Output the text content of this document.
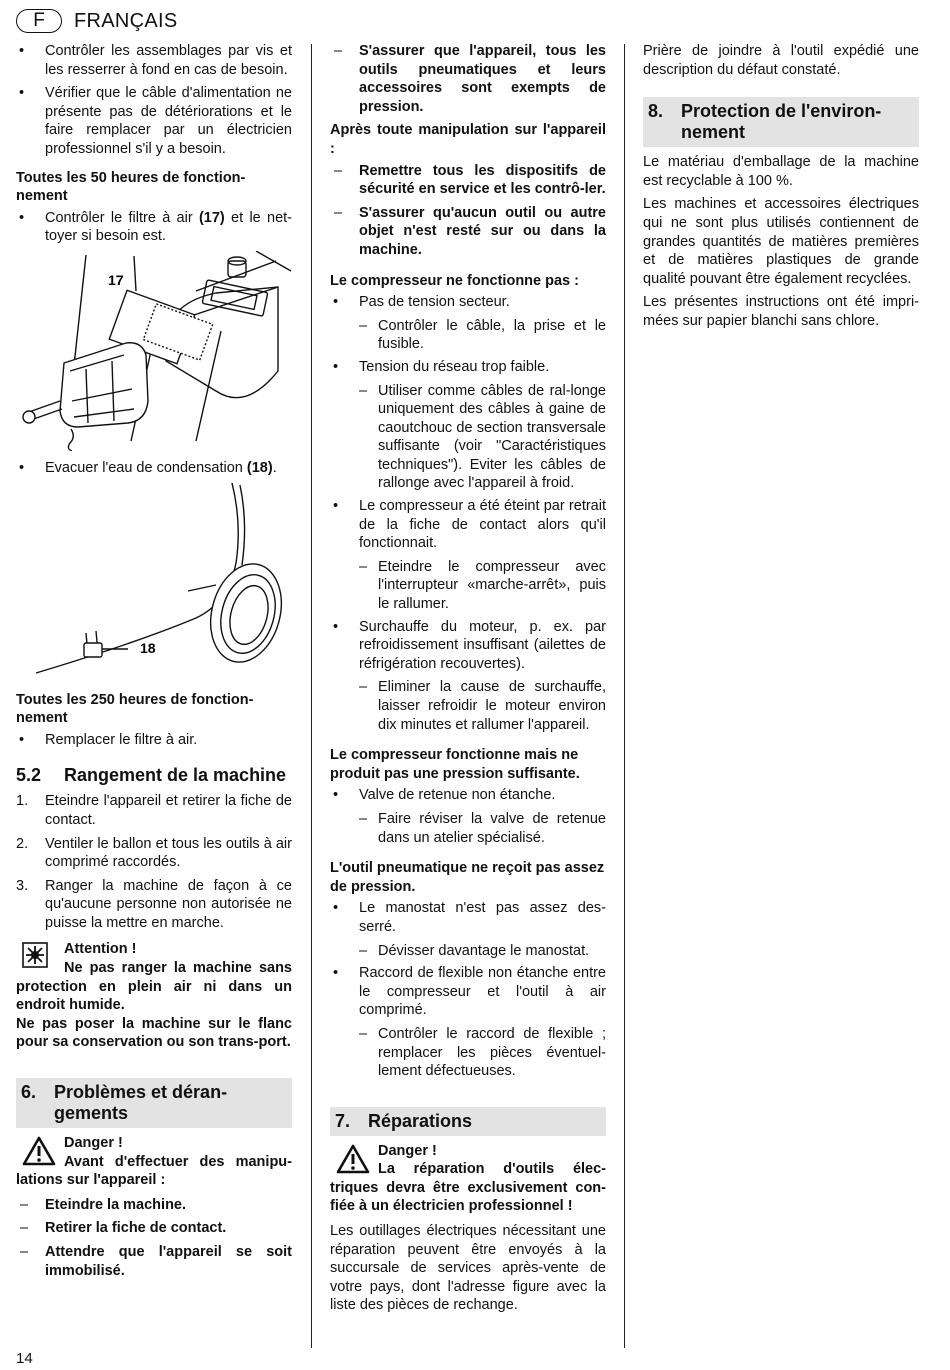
F	FRANÇAIS
• Contrôler les assemblages par vis et les resserrer à fond en cas de besoin.
• Vérifier que le câble d'alimentation ne présente pas de détériorations et le faire remplacer par un électricien professionnel s'il y a besoin.
Toutes les 50 heures de fonction-nement
• Contrôler le filtre à air (17) et le net-toyer si besoin est.
17
• Evacuer l'eau de condensation (18).
18
Toutes les 250 heures de fonction-nement
• Remplacer le filtre à air.
5.2 Rangement de la machine
1. Eteindre l'appareil et retirer la fiche de contact.
2. Ventiler le ballon et tous les outils à air comprimé raccordés.
3. Ranger la machine de façon à ce qu'aucune personne non autorisée ne puisse la mettre en marche.
Attention !
Ne pas ranger la machine sans protection en plein air ni dans un endroit humide.
Ne pas poser la machine sur le flanc pour sa conservation ou son trans-port.
6. Problèmes et déran-gements
Danger !
Avant d'effectuer des manipu-lations sur l'appareil :
– Eteindre la machine.
– Retirer la fiche de contact.
– Attendre que l'appareil se soit immobilisé.
– S'assurer que l'appareil, tous les outils pneumatiques et leurs accessoires sont exempts de pression.
Après toute manipulation sur l'appareil :
– Remettre tous les dispositifs de sécurité en service et les contrô-ler.
– S'assurer qu'aucun outil ou autre objet n'est resté sur ou dans la machine.
Le compresseur ne fonctionne pas :
• Pas de tension secteur.
– Contrôler le câble, la prise et le fusible.
• Tension du réseau trop faible.
– Utiliser comme câbles de ral-longe uniquement des câbles à gaine de caoutchouc de section transversale suffisante (voir "Caractéristiques techniques"). Eviter les câbles de rallonge avec l'appareil à froid.
• Le compresseur a été éteint par retrait de la fiche de contact alors qu'il fonctionnait.
– Eteindre le compresseur avec l'interrupteur «marche-arrêt», puis le rallumer.
• Surchauffe du moteur, p. ex. par refroidissement insuffisant (ailettes de réfrigération recouvertes).
– Eliminer la cause de surchauffe, laisser refroidir le moteur environ dix minutes et rallumer l'appareil.
Le compresseur fonctionne mais ne produit pas une pression suffisante.
• Valve de retenue non étanche.
– Faire réviser la valve de retenue dans un atelier spécialisé.
L'outil pneumatique ne reçoit pas assez de pression.
• Le manostat n'est pas assez des-serré.
– Dévisser davantage le manostat.
• Raccord de flexible non étanche entre le compresseur et l'outil à air comprimé.
– Contrôler le raccord de flexible ; remplacer les pièces éventuel-lement défectueuses.
7. Réparations
Danger !
La réparation d'outils élec-triques devra être exclusivement con-fiée à un électricien professionnel !

Les outillages électriques nécessitant une réparation peuvent être envoyés à la succursale de services après-vente de votre pays, dont l'adresse figure avec la liste des pièces de rechange.

Prière de joindre à l'outil expédié une description du défaut constaté.

8. Protection de l'environ-nement

Le matériau d'emballage de la machine est recyclable à 100 %.

Les machines et accessoires électriques qui ne sont plus utilisés contiennent de grandes quantités de matières premières et de matières plastiques de grande qualité pouvant être également recyclées.

Les présentes instructions ont été impri-mées sur papier blanchi sans chlore.

14
